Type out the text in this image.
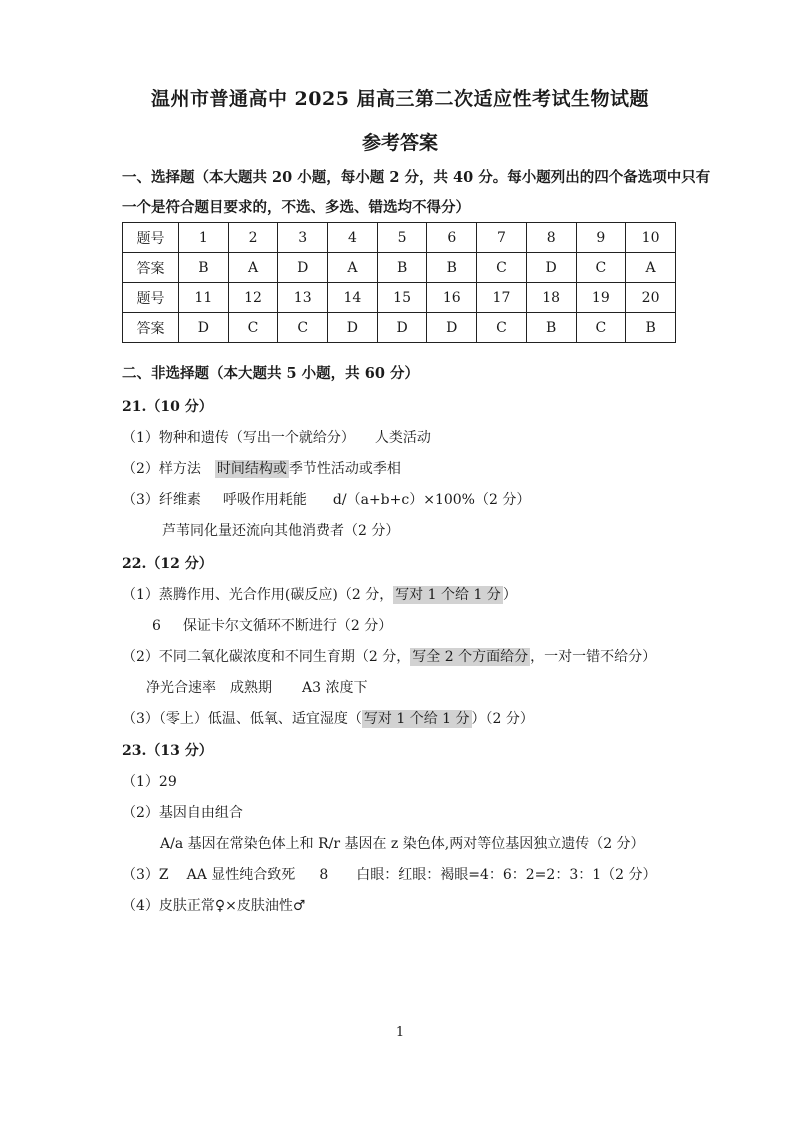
温州市普通高中 2025 届高三第二次适应性考试生物试题
参考答案
一、选择题（本大题共 20 小题，每小题 2 分，共 40 分。每小题列出的四个备选项中只有
一个是符合题目要求的，不选、多选、错选均不得分）
题号	1	2	3	4	5	6	7	8	9	10
答案	B	A	D	A	B	B	C	D	C	A
题号	11	12	13	14	15	16	17	18	19	20
答案	D	C	C	D	D	D	C	B	C	B
二、非选择题（本大题共 5 小题，共 60 分）
21.（10 分）
（1）物种和遗传（写出一个就给分） 人类活动
（2）样方法 时间结构或 季节性活动或季相
（3）纤维素 呼吸作用耗能 d/（a+b+c）×100%（2 分）
芦苇同化量还流向其他消费者（2 分）
22.（12 分）
（1）蒸腾作用、光合作用(碳反应)（2 分， 写对 1 个给 1 分 ）
6 保证卡尔文循环不断进行（2 分）
（2）不同二氧化碳浓度和不同生育期（2 分， 写全 2 个方面给分 ，一对一错不给分）
净光合速率 成熟期 A3 浓度下
（3）（零上）低温、低氧、适宜湿度（ 写对 1 个给 1 分 ）（2 分）
23.（13 分）
（1）29
（2）基因自由组合
A/a 基因在常染色体上和 R/r 基因在 z 染色体,两对等位基因独立遗传（2 分）
（3）Z AA 显性纯合致死 8 白眼：红眼：褐眼=4：6：2=2：3：1（2 分）
（4）皮肤正常♀×皮肤油性♂
1
